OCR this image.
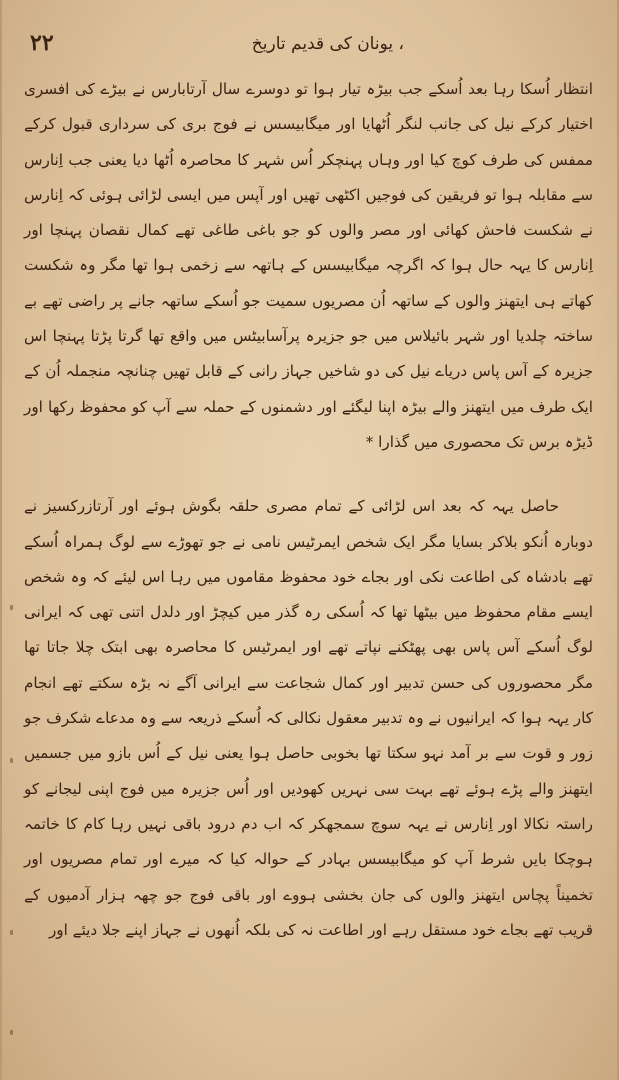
، یونان کی قدیم تاریخ
۲۲

انتظار اُسکا رہا بعد اُسکے جب بیڑہ تیار ہوا تو دوسرے سال آرتابارس نے بیڑے کی افسری اختیار کرکے نیل کی جانب لنگر اُٹھایا اور میگابیسس نے فوج بری کی سرداری قبول کرکے ممفس کی طرف کوچ کیا اور وہاں پہنچکر اُس شہر کا محاصرہ اُٹھا دیا یعنی جب اِنارس سے مقابلہ ہوا تو فریقین کی فوجیں اکٹھی تھیں اور آپس میں ایسی لڑائی ہوئی کہ اِنارس نے شکست فاحش کھائی اور مصر والوں کو جو باغی طاغی تھے کمال نقصان پہنچا اور اِنارس کا یہہ حال ہوا کہ اگرچہ میگابیسس کے ہاتھہ سے زخمی ہوا تھا مگر وہ شکست کھاتے ہی ایتھنز والوں کے ساتھہ اُن مصریوں سمیت جو اُسکے ساتھہ جانے پر راضی تھے بے ساختہ چلدیا اور شہر بائیلاس میں جو جزیرہ پرآسابیٹس میں واقع تھا گرتا پڑتا پہنچا اس جزیرہ کے آس پاس دریاے نیل کی دو شاخیں جہاز رانی کے قابل تھیں چنانچہ منجملہ اُن کے ایک طرف میں ایتھنز والے بیڑہ اپنا لیگئے اور دشمنوں کے حملہ سے آپ کو محفوظ رکھا اور ڈیڑہ برس تک محصوری میں گذارا *

حاصل یہہ کہ بعد اس لڑائی کے تمام مصری حلقہ بگوش ہوئے اور آرتازرکسیز نے دوبارہ اُنکو بلاکر بسایا مگر ایک شخص ایمرٹیس نامی نے جو تھوڑے سے لوگ ہمراہ اُسکے تھے بادشاہ کی اطاعت نکی اور بجاے خود محفوظ مقاموں میں رہا اس لیئے کہ وہ شخص ایسے مقام محفوظ میں بیٹھا تھا کہ اُسکی رہ گذر میں کیچڑ اور دلدل اتنی تھی کہ ایرانی لوگ اُسکے آس پاس بھی پھٹکنے نپاتے تھے اور ایمرٹیس کا محاصرہ بھی ابتک چلا جاتا تھا مگر محصوروں کی حسن تدبیر اور کمال شجاعت سے ایرانی آگے نہ بڑہ سکتے تھے انجام کار یہہ ہوا کہ ایرانیوں نے وہ تدبیر معقول نکالی کہ اُسکے ذریعہ سے وہ مدعاے شکرف جو زور و قوت سے بر آمد نہو سکتا تھا بخوبی حاصل ہوا یعنی نیل کے اُس بازو میں جسمیں ایتھنز والے پڑے ہوئے تھے بہت سی نہریں کھودیں اور اُس جزیرہ میں فوج اپنی لیجانے کو راستہ نکالا اور اِنارس نے یہہ سوچ سمجھکر کہ اب دم درود باقی نہیں رہا کام کا خاتمہ ہوچکا بایں شرط آپ کو میگابیسس بہادر کے حوالہ کیا کہ میرے اور تمام مصریوں اور تخمیناً پچاس ایتھنز والوں کی جان بخشی ہووے اور باقی فوج جو چھہ ہزار آدمیوں کے قریب تھے بجاے خود مستقل رہے اور اطاعت نہ کی بلکہ اُنھوں نے جہاز اپنے جلا دیئے اور
